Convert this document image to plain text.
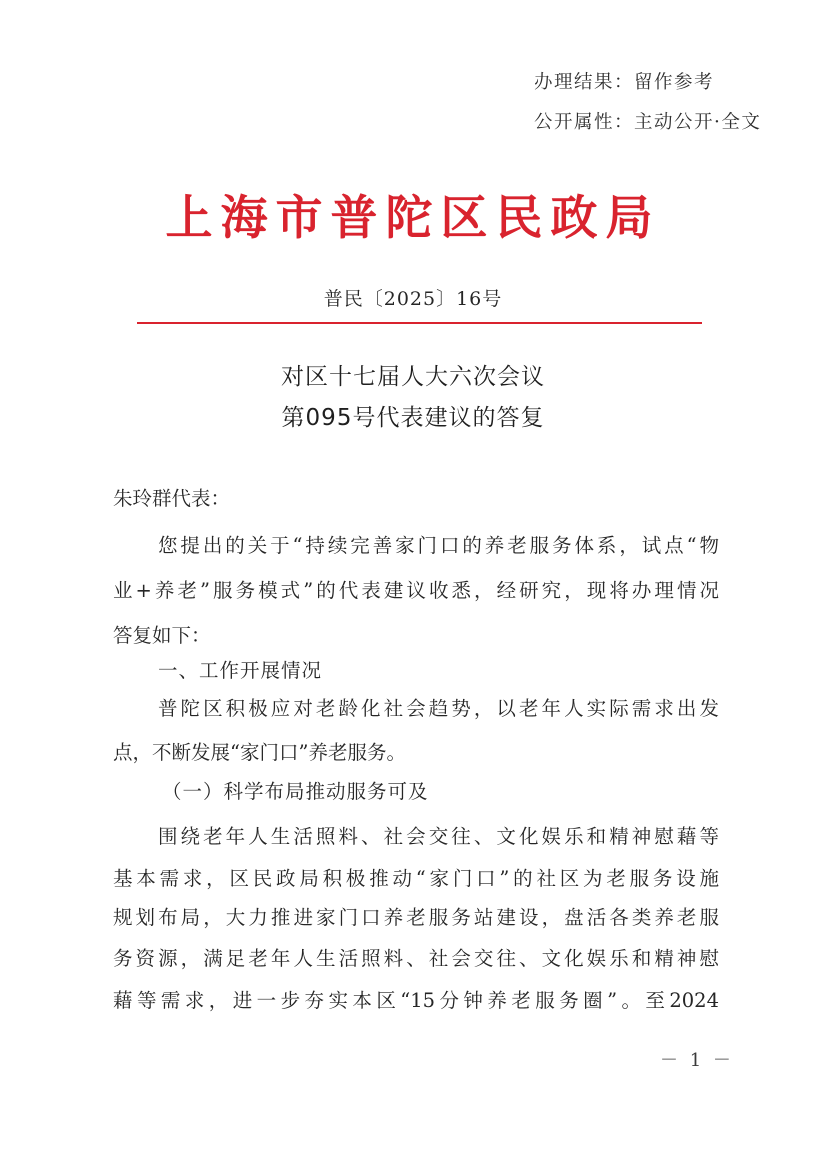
办理结果：留作参考
公开属性：主动公开·全文
上海市普陀区民政局
普民〔2025〕16号
对区十七届人大六次会议
第095号代表建议的答复
朱玲群代表：
您提出的关于“持续完善家门口的养老服务体系，试点“物
业+养老”服务模式”的代表建议收悉，经研究，现将办理情况
答复如下：
一、工作开展情况
普陀区积极应对老龄化社会趋势，以老年人实际需求出发
点，不断发展“家门口”养老服务。
（一）科学布局推动服务可及
围绕老年人生活照料、社会交往、文化娱乐和精神慰藉等
基本需求，区民政局积极推动“家门口”的社区为老服务设施
规划布局，大力推进家门口养老服务站建设，盘活各类养老服
务资源，满足老年人生活照料、社会交往、文化娱乐和精神慰
藉等需求，进一步夯实本区“15分钟养老服务圈”。至2024
－ 1 －
